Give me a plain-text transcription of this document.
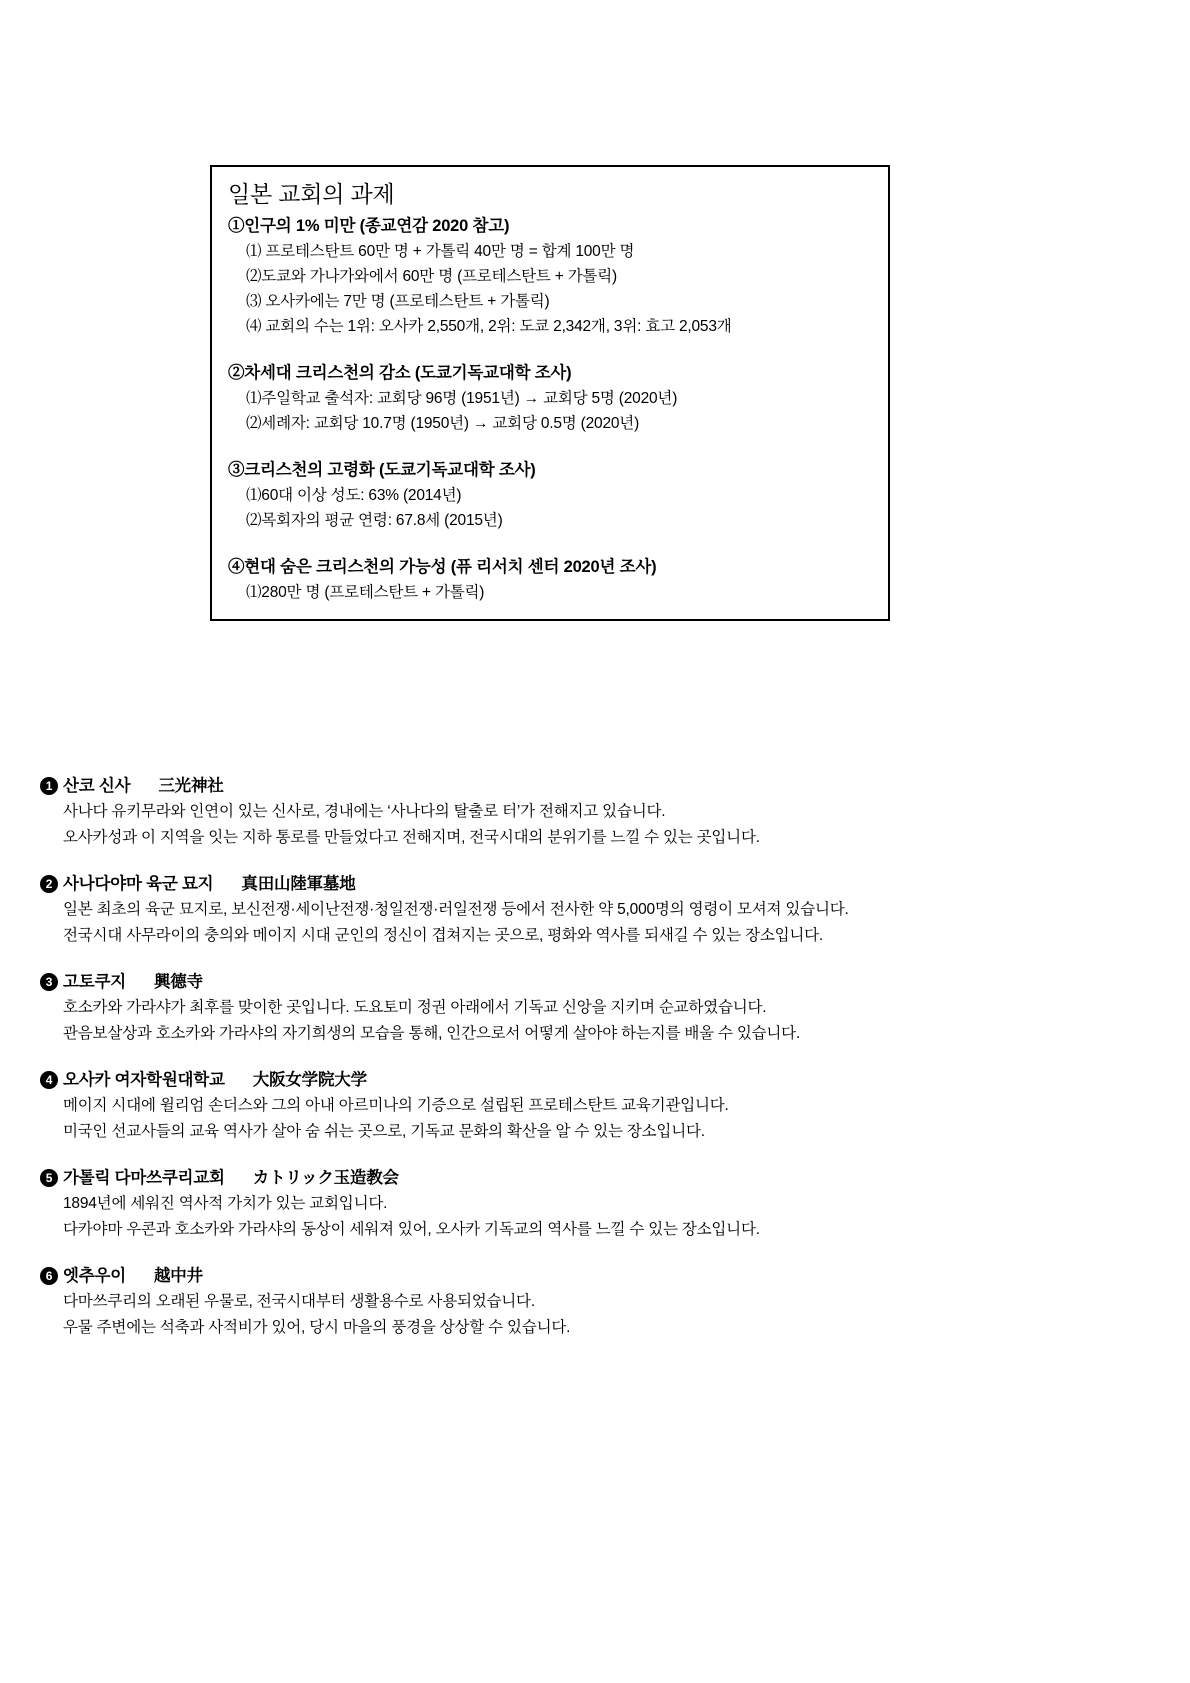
일본 교회의 과제
①인구의 1% 미만 (종교연감 2020 참고)
⑴ 프로테스탄트 60만 명 + 가톨릭 40만 명 = 합계 100만 명
⑵도쿄와 가나가와에서 60만 명 (프로테스탄트 + 가톨릭)
⑶ 오사카에는 7만 명 (프로테스탄트 + 가톨릭)
⑷ 교회의 수는 1위: 오사카 2,550개, 2위: 도쿄 2,342개, 3위: 효고 2,053개
②차세대 크리스천의 감소 (도쿄기독교대학 조사)
⑴주일학교 출석자: 교회당 96명 (1951년) → 교회당 5명 (2020년)
⑵세례자: 교회당 10.7명 (1950년) → 교회당 0.5명 (2020년)
③크리스천의 고령화 (도쿄기독교대학 조사)
⑴60대 이상 성도: 63% (2014년)
⑵목회자의 평균 연령: 67.8세 (2015년)
④현대 숨은 크리스천의 가능성 (퓨 리서치 센터 2020년 조사)
⑴280만 명 (프로테스탄트 + 가톨릭)
1 산코 신사 三光神社
사나다 유키무라와 인연이 있는 신사로, 경내에는 ‘사나다의 탈출로 터’가 전해지고 있습니다.
오사카성과 이 지역을 잇는 지하 통로를 만들었다고 전해지며, 전국시대의 분위기를 느낄 수 있는 곳입니다.
2 사나다야마 육군 묘지 真田山陸軍墓地
일본 최초의 육군 묘지로, 보신전쟁·세이난전쟁·청일전쟁·러일전쟁 등에서 전사한 약 5,000명의 영령이 모셔져 있습니다.
전국시대 사무라이의 충의와 메이지 시대 군인의 정신이 겹쳐지는 곳으로, 평화와 역사를 되새길 수 있는 장소입니다.
3 고토쿠지 興德寺
호소카와 가라샤가 최후를 맞이한 곳입니다. 도요토미 정권 아래에서 기독교 신앙을 지키며 순교하였습니다.
관음보살상과 호소카와 가라샤의 자기희생의 모습을 통해, 인간으로서 어떻게 살아야 하는지를 배울 수 있습니다.
4 오사카 여자학원대학교 大阪女学院大学
메이지 시대에 윌리엄 손더스와 그의 아내 아르미나의 기증으로 설립된 프로테스탄트 교육기관입니다.
미국인 선교사들의 교육 역사가 살아 숨 쉬는 곳으로, 기독교 문화의 확산을 알 수 있는 장소입니다.
5 가톨릭 다마쓰쿠리교회 カトリック玉造教会
1894년에 세워진 역사적 가치가 있는 교회입니다.
다카야마 우콘과 호소카와 가라샤의 동상이 세워져 있어, 오사카 기독교의 역사를 느낄 수 있는 장소입니다.
6 엣추우이 越中井
다마쓰쿠리의 오래된 우물로, 전국시대부터 생활용수로 사용되었습니다.
우물 주변에는 석축과 사적비가 있어, 당시 마을의 풍경을 상상할 수 있습니다.
